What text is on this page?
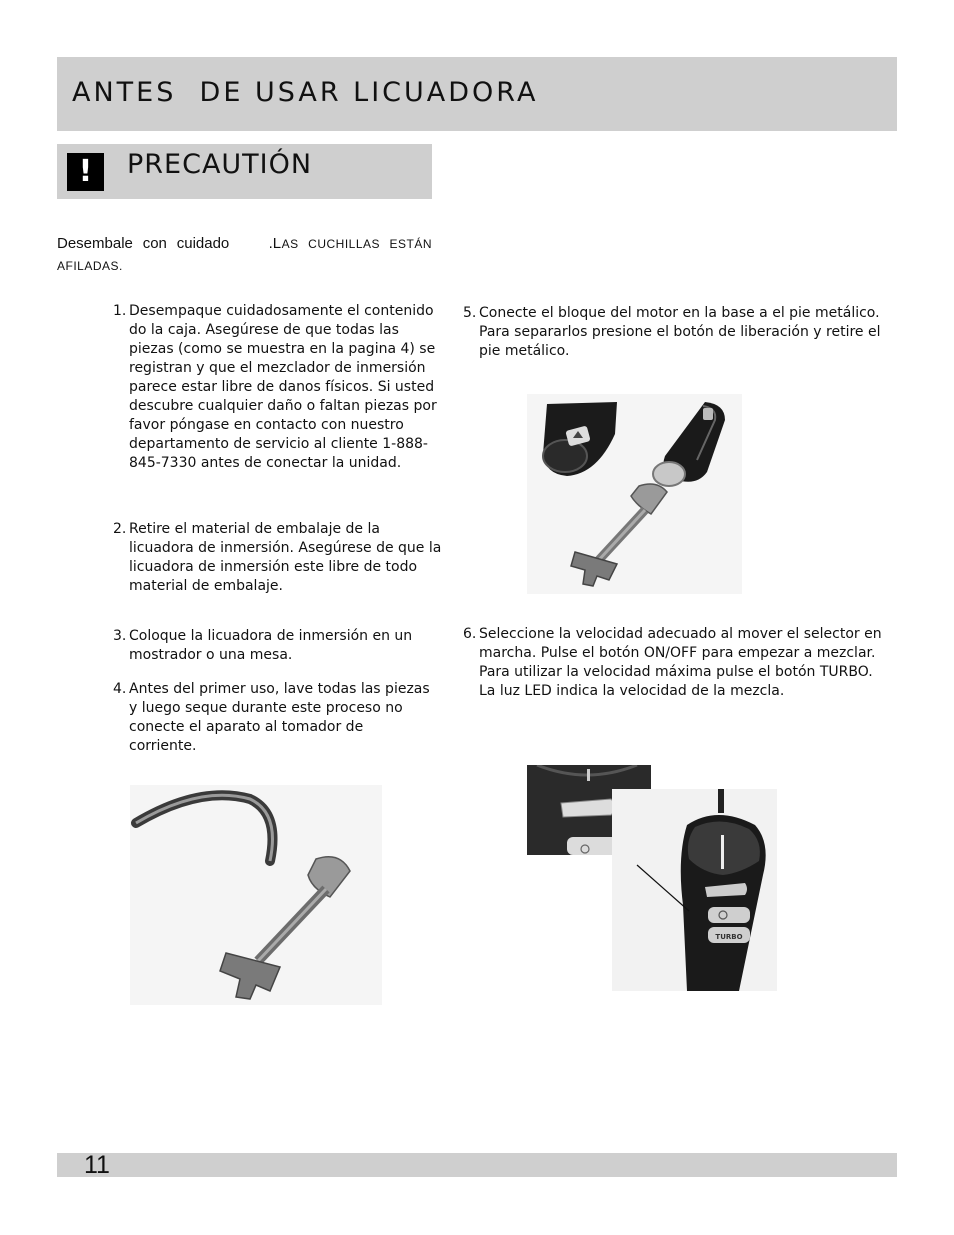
ANTES  DE USAR LICUADORA
!	PRECAUTIÓN
Desembale con cuidado	.LAS CUCHILLAS ESTÁN AFILADAS.
1. Desempaque cuidadosamente el contenido do la caja. Asegúrese de que todas las piezas (como se muestra en la pagina 4) se registran y que el mezclador de inmersión parece estar libre de danos físicos. Si usted descubre cualquier daño o faltan piezas por favor póngase en contacto con nuestro departamento de servicio al cliente 1-888-845-7330 antes de conectar la unidad.
2. Retire el material de embalaje de la licuadora de inmersión. Asegúrese de que la licuadora de inmersión este libre de todo material de embalaje.
3. Coloque la licuadora de inmersión en un mostrador o una mesa.
4. Antes del primer uso, lave todas las piezas y luego seque durante este proceso no conecte el aparato al tomador de corriente.
5. Conecte el bloque del motor en la base a el pie metálico. Para separarlos presione el botón de liberación y retire el pie metálico.
6. Seleccione la velocidad adecuado al mover el selector en marcha. Pulse el botón ON/OFF para empezar a mezclar. Para utilizar la velocidad máxima pulse el botón TURBO. La luz LED indica la velocidad de la mezcla.
TURBO
11
